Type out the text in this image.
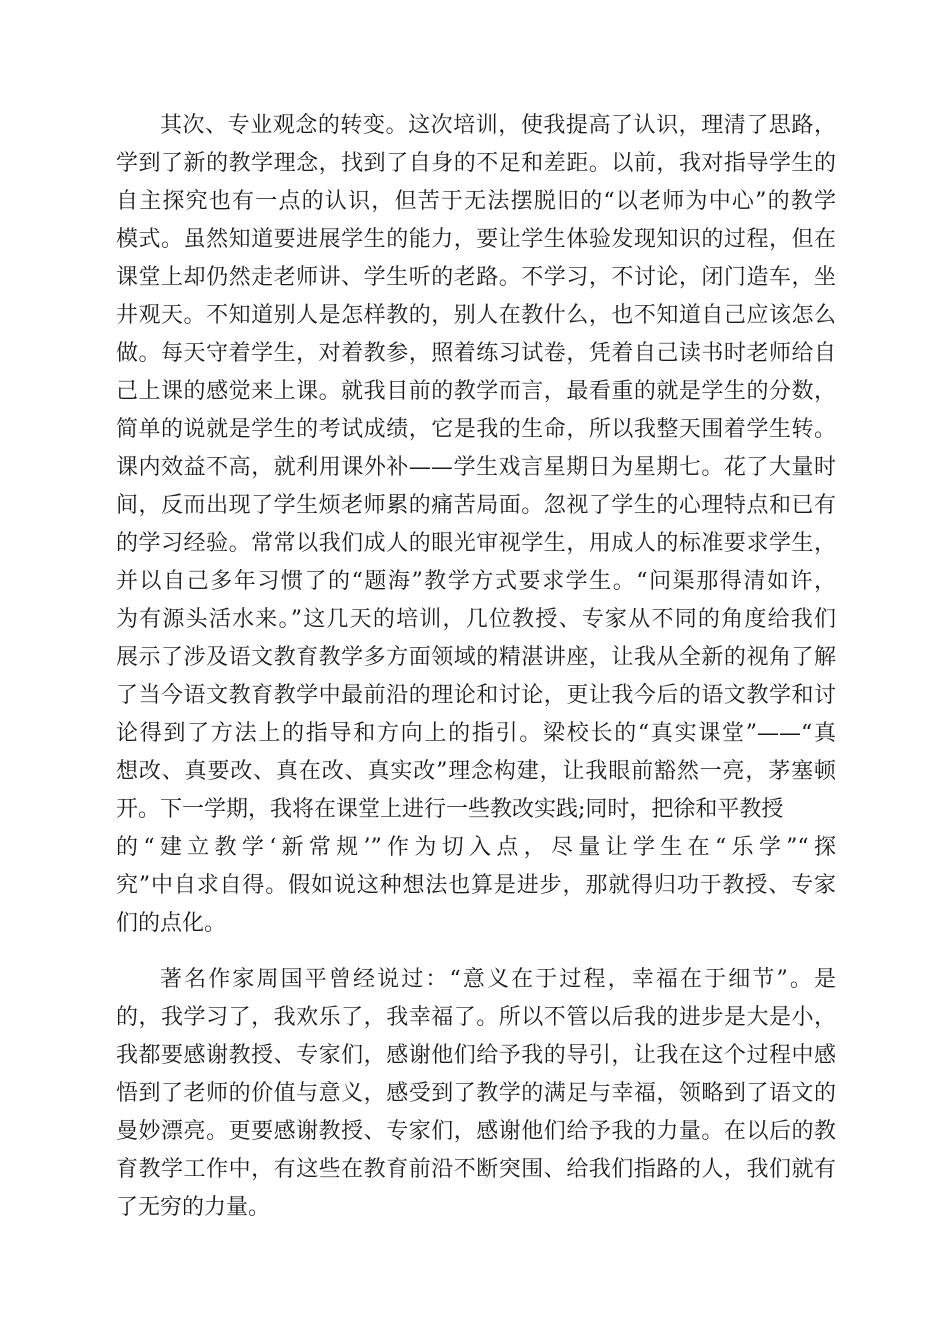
其次、专业观念的转变。这次培训，使我提高了认识，理清了思路，
学到了新的教学理念，找到了自身的不足和差距。以前，我对指导学生的
自主探究也有一点的认识，但苦于无法摆脱旧的“以老师为中心”的教学
模式。虽然知道要进展学生的能力，要让学生体验发现知识的过程，但在
课堂上却仍然走老师讲、学生听的老路。不学习，不讨论，闭门造车，坐
井观天。不知道别人是怎样教的，别人在教什么，也不知道自己应该怎么
做。每天守着学生，对着教参，照着练习试卷，凭着自己读书时老师给自
己上课的感觉来上课。就我目前的教学而言，最看重的就是学生的分数，
简单的说就是学生的考试成绩，它是我的生命，所以我整天围着学生转。
课内效益不高，就利用课外补——学生戏言星期日为星期七。花了大量时
间，反而出现了学生烦老师累的痛苦局面。忽视了学生的心理特点和已有
的学习经验。常常以我们成人的眼光审视学生，用成人的标准要求学生，
并以自己多年习惯了的“题海”教学方式要求学生。“问渠那得清如许，
为有源头活水来。”这几天的培训，几位教授、专家从不同的角度给我们
展示了涉及语文教育教学多方面领域的精湛讲座，让我从全新的视角了解
了当今语文教育教学中最前沿的理论和讨论，更让我今后的语文教学和讨
论得到了方法上的指导和方向上的指引。梁校长的“真实课堂”——“真
想改、真要改、真在改、真实改”理念构建，让我眼前豁然一亮，茅塞顿
开。下一学期，我将在课堂上进行一些教改实践;同时，把徐和平教授
的“建立教学‘新常规’”作为切入点，尽量让学生在“乐学”“探
究”中自求自得。假如说这种想法也算是进步，那就得归功于教授、专家
们的点化。
著名作家周国平曾经说过：“意义在于过程，幸福在于细节”。是
的，我学习了，我欢乐了，我幸福了。所以不管以后我的进步是大是小，
我都要感谢教授、专家们，感谢他们给予我的导引，让我在这个过程中感
悟到了老师的价值与意义，感受到了教学的满足与幸福，领略到了语文的
曼妙漂亮。更要感谢教授、专家们，感谢他们给予我的力量。在以后的教
育教学工作中，有这些在教育前沿不断突围、给我们指路的人，我们就有
了无穷的力量。
